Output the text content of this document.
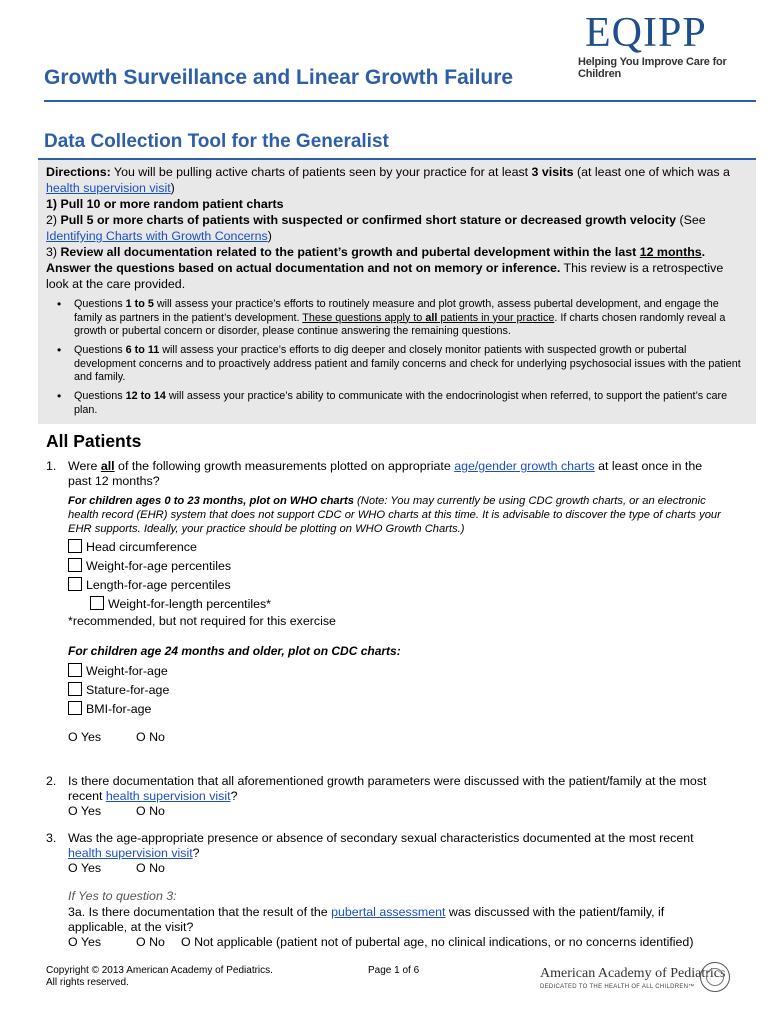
EQIPP
Helping You Improve Care for Children
Growth Surveillance and Linear Growth Failure
Data Collection Tool for the Generalist
Directions: You will be pulling active charts of patients seen by your practice for at least 3 visits (at least one of which was a health supervision visit)
1) Pull 10 or more random patient charts
2) Pull 5 or more charts of patients with suspected or confirmed short stature or decreased growth velocity (See Identifying Charts with Growth Concerns)
3) Review all documentation related to the patient’s growth and pubertal development within the last 12 months.
Answer the questions based on actual documentation and not on memory or inference. This review is a retrospective look at the care provided.
• Questions 1 to 5 will assess your practice’s efforts to routinely measure and plot growth, assess pubertal development, and engage the family as partners in the patient’s development. These questions apply to all patients in your practice. If charts chosen randomly reveal a growth or pubertal concern or disorder, please continue answering the remaining questions.
• Questions 6 to 11 will assess your practice’s efforts to dig deeper and closely monitor patients with suspected growth or pubertal development concerns and to proactively address patient and family concerns and check for underlying psychosocial issues with the patient and family.
• Questions 12 to 14 will assess your practice’s ability to communicate with the endocrinologist when referred, to support the patient’s care plan.
All Patients
1. Were all of the following growth measurements plotted on appropriate age/gender growth charts at least once in the past 12 months?
For children ages 0 to 23 months, plot on WHO charts (Note: You may currently be using CDC growth charts, or an electronic health record (EHR) system that does not support CDC or WHO charts at this time. It is advisable to discover the type of charts your EHR supports. Ideally, your practice should be plotting on WHO Growth Charts.)
Head circumference
Weight-for-age percentiles
Length-for-age percentiles
Weight-for-length percentiles*
*recommended, but not required for this exercise
For children age 24 months and older, plot on CDC charts:
Weight-for-age
Stature-for-age
BMI-for-age
O Yes	O No
2. Is there documentation that all aforementioned growth parameters were discussed with the patient/family at the most recent health supervision visit?
O Yes	O No
3. Was the age-appropriate presence or absence of secondary sexual characteristics documented at the most recent health supervision visit?
O Yes	O No
If Yes to question 3:
3a. Is there documentation that the result of the pubertal assessment was discussed with the patient/family, if applicable, at the visit?
O Yes	O No O Not applicable (patient not of pubertal age, no clinical indications, or no concerns identified)
Copyright © 2013 American Academy of Pediatrics.
All rights reserved.
Page 1 of 6	American Academy of Pediatrics
DEDICATED TO THE HEALTH OF ALL CHILDREN™
